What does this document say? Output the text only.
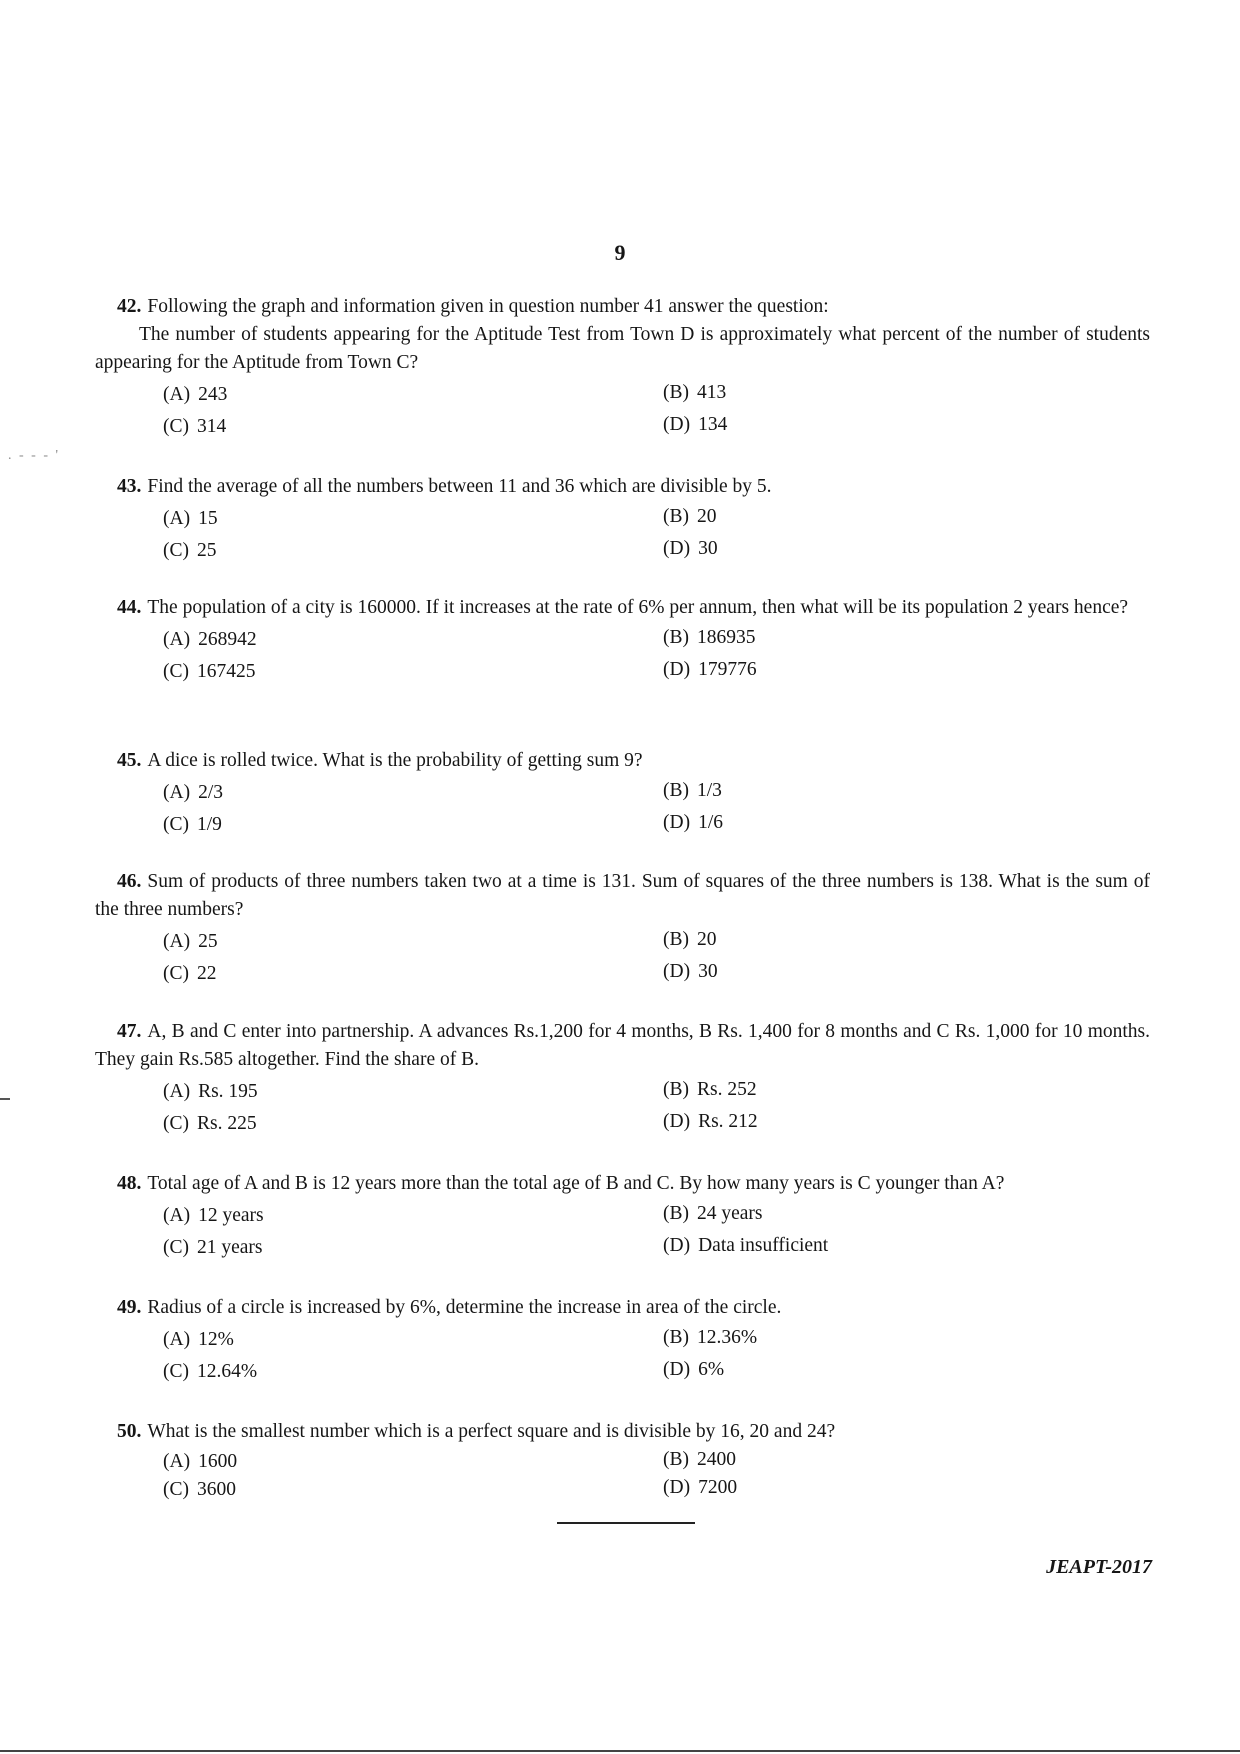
9
. - - - '
42. Following the graph and information given in question number 41 answer the question:
The number of students appearing for the Aptitude Test from Town D is approximately what percent of the number of students appearing for the Aptitude from Town C?
(A) 243	(B) 413
(C) 314	(D) 134
43. Find the average of all the numbers between 11 and 36 which are divisible by 5.
(A) 15	(B) 20
(C) 25	(D) 30
44. The population of a city is 160000. If it increases at the rate of 6% per annum, then what will be its population 2 years hence?
(A) 268942	(B) 186935
(C) 167425	(D) 179776
45. A dice is rolled twice. What is the probability of getting sum 9?
(A) 2/3	(B) 1/3
(C) 1/9	(D) 1/6
46. Sum of products of three numbers taken two at a time is 131. Sum of squares of the three numbers is 138. What is the sum of the three numbers?
(A) 25	(B) 20
(C) 22	(D) 30
47. A, B and C enter into partnership. A advances Rs.1,200 for 4 months, B Rs. 1,400 for 8 months and C Rs. 1,000 for 10 months. They gain Rs.585 altogether. Find the share of B.
(A) Rs. 195	(B) Rs. 252
(C) Rs. 225	(D) Rs. 212
48. Total age of A and B is 12 years more than the total age of B and C. By how many years is C younger than A?
(A) 12 years	(B) 24 years
(C) 21 years	(D) Data insufficient
49. Radius of a circle is increased by 6%, determine the increase in area of the circle.
(A) 12%	(B) 12.36%
(C) 12.64%	(D) 6%
50. What is the smallest number which is a perfect square and is divisible by 16, 20 and 24?
(A) 1600	(B) 2400
(C) 3600	(D) 7200
JEAPT-2017
